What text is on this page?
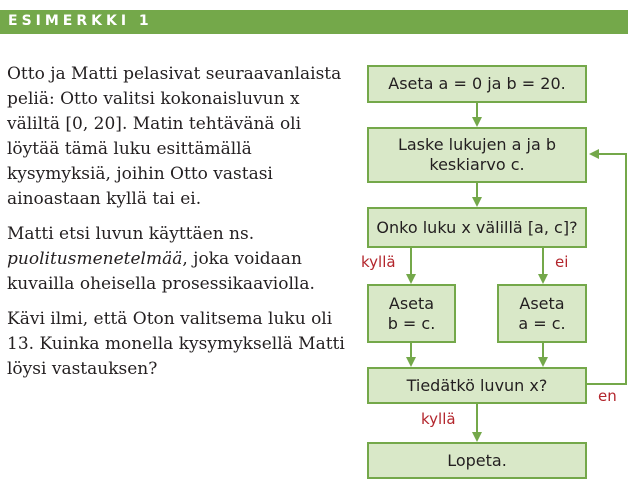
ESIMERKKI 1

Otto ja Matti pelasivat seuraavanlaista peliä: Otto valitsi kokonaisluvun x väliltä [0, 20]. Matin tehtävänä oli löytää tämä luku esittämällä kysymyksiä, joihin Otto vastasi ainoastaan kyllä tai ei.

Matti etsi luvun käyttäen ns. puolitusmenetelmää, joka voidaan kuvailla oheisella prosessikaaviolla.

Kävi ilmi, että Oton valitsema luku oli 13. Kuinka monella kysymyksellä Matti löysi vastauksen?

Aseta a = 0 ja b = 20.
Laske lukujen a ja b
keskiarvo c.
Onko luku x välillä [a, c]?
Aseta
b = c.
Aseta
a = c.
Tiedätkö luvun x?
Lopeta.
kyllä	ei
en
kyllä
